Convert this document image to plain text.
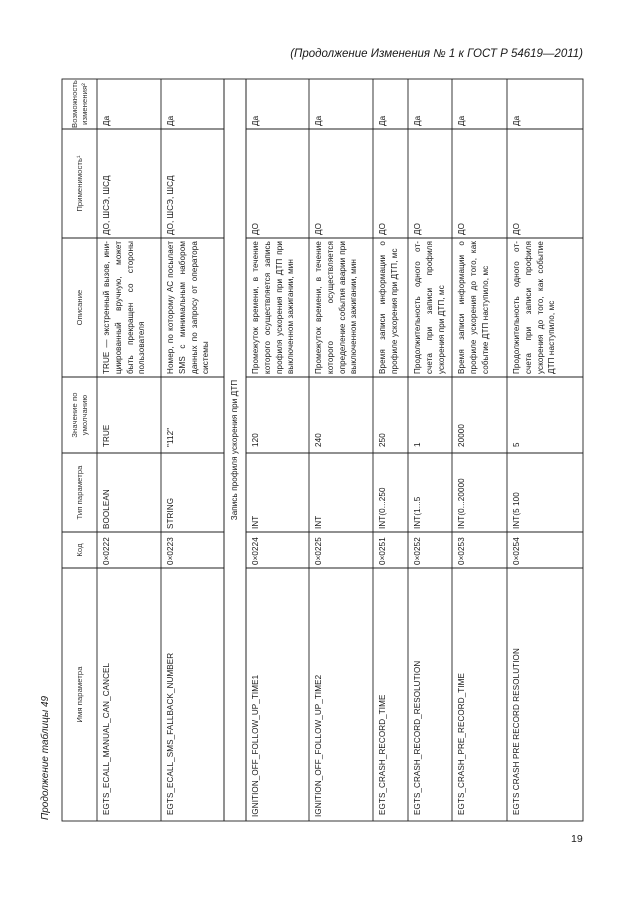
(Продолжение Изменения № 1 к ГОСТ Р 54619—2011)
Продолжение таблицы 49
19
Имя параметра
Код
Тип параметра
Значение по умолчанию
Описание
Применимость¹
Возможность изменения²
Запись профиля ускорения при ДТП
EGTS_ECALL_MANUAL_CAN_CANCEL
0×0222
BOOLEAN
TRUE
TRUE — экстренный вызов, инициированный вручную, может быть прекращен со стороны пользователя
ДО, ШСЭ, ШСД
Да
EGTS_ECALL_SMS_FALLBACK_NUMBER
0×0223
STRING
"112"
Номер, по которому АС посылает SMS с минимальным набором данных по запросу от оператора системы
ДО, ШСЭ, ШСД
Да
IGNITION_OFF_FOLLOW_UP_TIME1
0×0224
INT
120
Промежуток времени, в течение которого осуществляется запись профиля ускорения при ДТП при выключенном зажигании, мин
ДО
Да
IGNITION_OFF_FOLLOW_UP_TIME2
0×0225
INT
240
Промежуток времени, в течение которого осуществляется определение события аварии при выключенном зажигании, мин
ДО
Да
EGTS_CRASH_RECORD_TIME
0×0251
INT(0...250
250
Время записи информации о профиле ускорения при ДТП, мс
ДО
Да
EGTS_CRASH_RECORD_RESOLUTION
0×0252
INT(1...5
1
Продолжительность одного отсчета при записи профиля ускорения при ДТП, мс
ДО
Да
EGTS_CRASH_PRE_RECORD_TIME
0×0253
INT(0...20000
20000
Время записи информации о профиле ускорения до того, как событие ДТП наступило, мс
ДО
Да
EGTS CRASH PRE RECORD RESOLUTION
0×0254
INT(5 100
5
Продолжительность одного отсчета при записи профиля ускорения до того, как событие ДТП наступило, мс
ДО
Да
